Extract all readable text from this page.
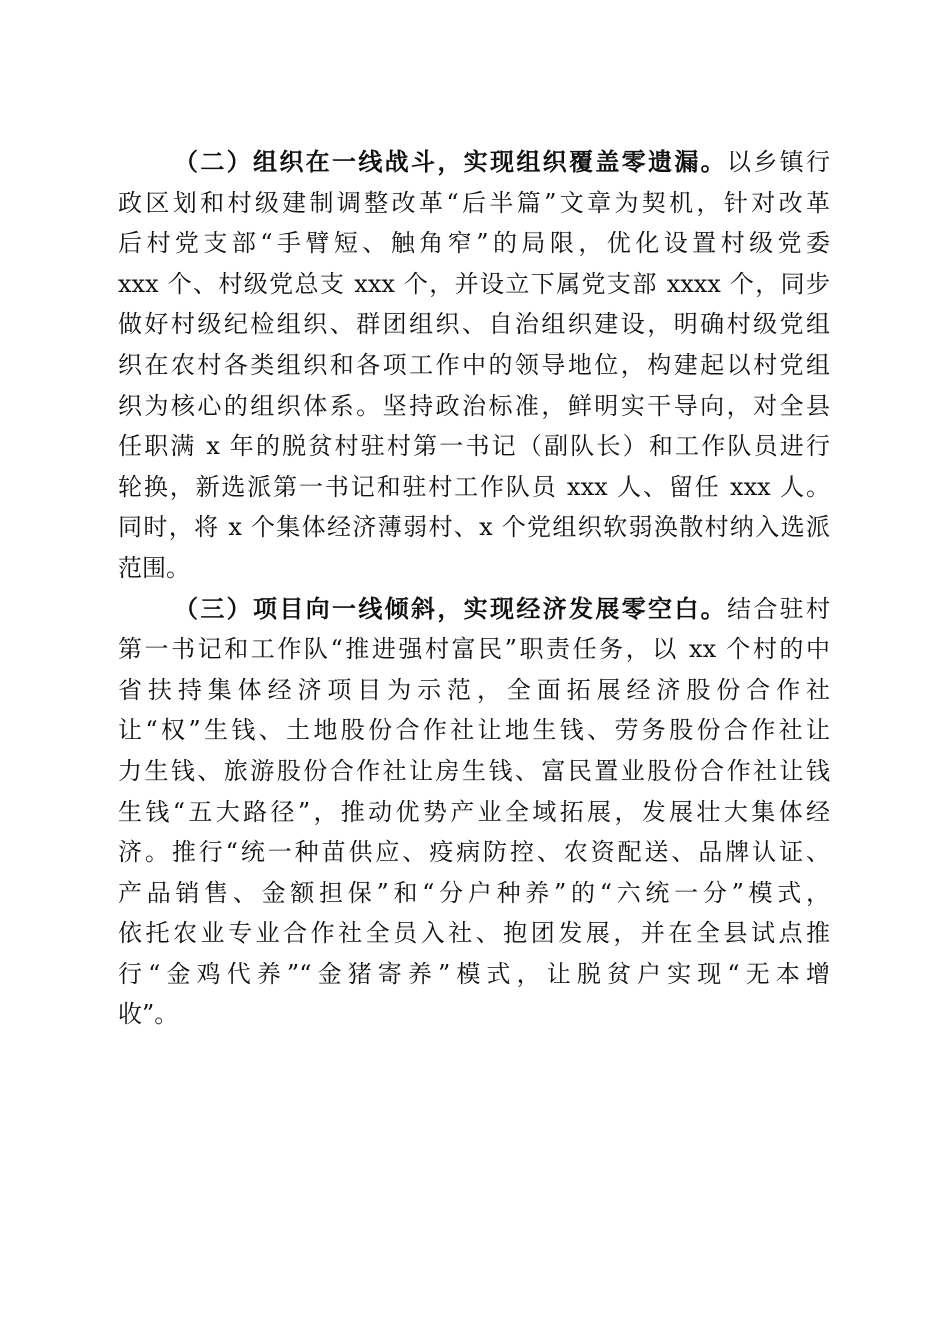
（二）组织在一线战斗，实现组织覆盖零遗漏。以乡镇行
政区划和村级建制调整改革“后半篇”文章为契机，针对改革
后村党支部“手臂短、触角窄”的局限，优化设置村级党委
xxx 个、村级党总支 xxx 个，并设立下属党支部 xxxx 个，同步
做好村级纪检组织、群团组织、自治组织建设，明确村级党组
织在农村各类组织和各项工作中的领导地位，构建起以村党组
织为核心的组织体系。坚持政治标准，鲜明实干导向，对全县
任职满 x 年的脱贫村驻村第一书记（副队长）和工作队员进行
轮换，新选派第一书记和驻村工作队员 xxx 人、留任 xxx 人。
同时，将 x 个集体经济薄弱村、x 个党组织软弱涣散村纳入选派
范围。
（三）项目向一线倾斜，实现经济发展零空白。结合驻村
第一书记和工作队“推进强村富民”职责任务，以 xx 个村的中
省扶持集体经济项目为示范，全面拓展经济股份合作社
让“权”生钱、土地股份合作社让地生钱、劳务股份合作社让
力生钱、旅游股份合作社让房生钱、富民置业股份合作社让钱
生钱“五大路径”，推动优势产业全域拓展，发展壮大集体经
济。推行“统一种苗供应、疫病防控、农资配送、品牌认证、
产品销售、金额担保”和“分户种养”的“六统一分”模式，
依托农业专业合作社全员入社、抱团发展，并在全县试点推
行“金鸡代养”“金猪寄养”模式，让脱贫户实现“无本增
收”。
